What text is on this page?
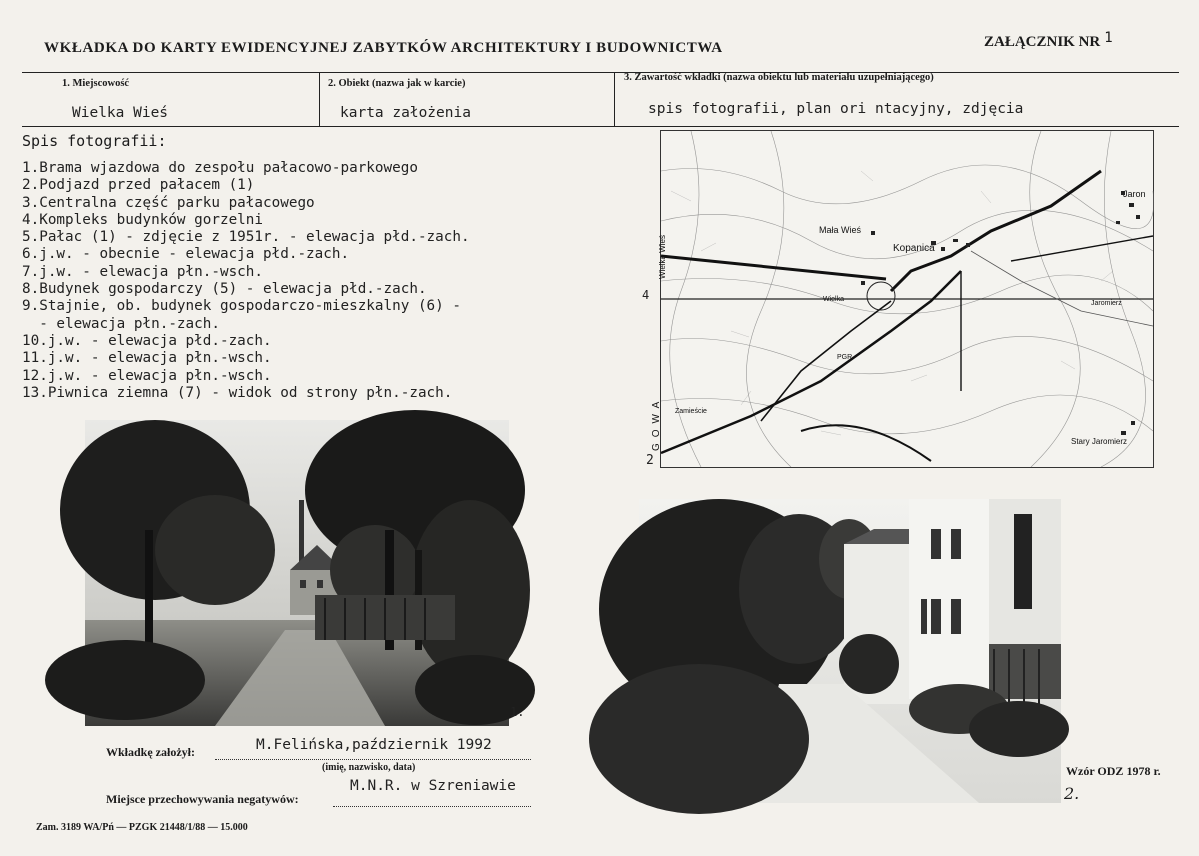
WKŁADKA DO KARTY EWIDENCYJNEJ ZABYTKÓW ARCHITEKTURY I BUDOWNICTWA	ZAŁĄCZNIK NR 1
1. Miejscowość
Wielka Wieś
2. Obiekt (nazwa jak w karcie)
karta założenia
3. Zawartość wkładki (nazwa obiektu lub materiału uzupełniającego)
spis fotografii, plan ori ntacyjny, zdjęcia
Spis fotografii:
1.Brama wjazdowa do zespołu pałacowo-parkowego
2.Podjazd przed pałacem (1)
3.Centralna część parku pałacowego
4.Kompleks budynków gorzelni
5.Pałac (1) - zdjęcie z 1951r. - elewacja płd.-zach.
6.j.w. - obecnie - elewacja płd.-zach.
7.j.w. - elewacja płn.-wsch.
8.Budynek gospodarczy (5) - elewacja płd.-zach.
9.Stajnie, ob. budynek gospodarczo-mieszkalny (6) -
- elewacja płn.-zach.
10.j.w. - elewacja płd.-zach.
11.j.w. - elewacja płn.-wsch.
12.j.w. - elewacja płn.-wsch.
13.Piwnica ziemna (7) - widok od strony płn.-zach.
Mała Wieś
Kopanica
Jaromierz
Stary Jaromierz
Wielka Wieś
Wielka
Jaron
Zamieście
PGR
GOWA
4
2
1.
2.
Wkładkę założył:	M.Felińska,październik 1992
(imię, nazwisko, data)
Miejsce przechowywania negatywów:
M.N.R. w Szreniawie
Wzór ODZ 1978 r.
Zam. 3189 WA/Pń — PZGK 21448/1/88 — 15.000
